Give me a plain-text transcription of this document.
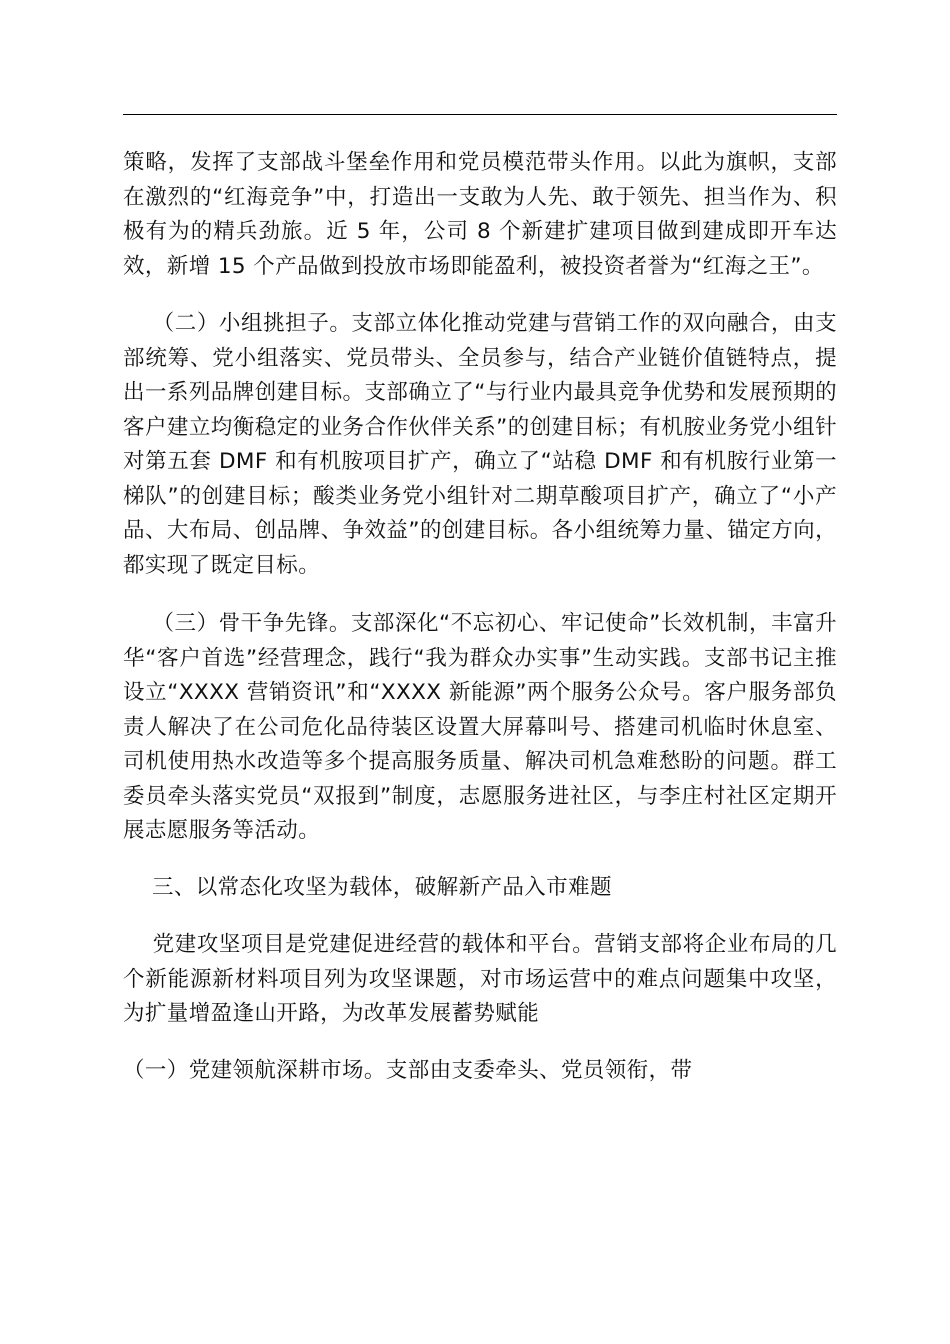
策略，发挥了支部战斗堡垒作用和党员模范带头作用。以此为旗帜，支部在激烈的“红海竞争”中，打造出一支敢为人先、敢于领先、担当作为、积极有为的精兵劲旅。近 5 年，公司 8 个新建扩建项目做到建成即开车达效，新增 15 个产品做到投放市场即能盈利，被投资者誉为“红海之王”。

（二）小组挑担子。支部立体化推动党建与营销工作的双向融合，由支部统筹、党小组落实、党员带头、全员参与，结合产业链价值链特点，提出一系列品牌创建目标。支部确立了“与行业内最具竞争优势和发展预期的客户建立均衡稳定的业务合作伙伴关系”的创建目标；有机胺业务党小组针对第五套 DMF 和有机胺项目扩产，确立了“站稳 DMF 和有机胺行业第一梯队”的创建目标；酸类业务党小组针对二期草酸项目扩产，确立了“小产品、大布局、创品牌、争效益”的创建目标。各小组统筹力量、锚定方向，都实现了既定目标。

（三）骨干争先锋。支部深化“不忘初心、牢记使命”长效机制，丰富升华“客户首选”经营理念，践行“我为群众办实事”生动实践。支部书记主推设立“XXXX 营销资讯”和“XXXX 新能源”两个服务公众号。客户服务部负责人解决了在公司危化品待装区设置大屏幕叫号、搭建司机临时休息室、司机使用热水改造等多个提高服务质量、解决司机急难愁盼的问题。群工委员牵头落实党员“双报到”制度，志愿服务进社区，与李庄村社区定期开展志愿服务等活动。

三、以常态化攻坚为载体，破解新产品入市难题

党建攻坚项目是党建促进经营的载体和平台。营销支部将企业布局的几个新能源新材料项目列为攻坚课题，对市场运营中的难点问题集中攻坚，为扩量增盈逢山开路，为改革发展蓄势赋能

（一）党建领航深耕市场。支部由支委牵头、党员领衔，带
